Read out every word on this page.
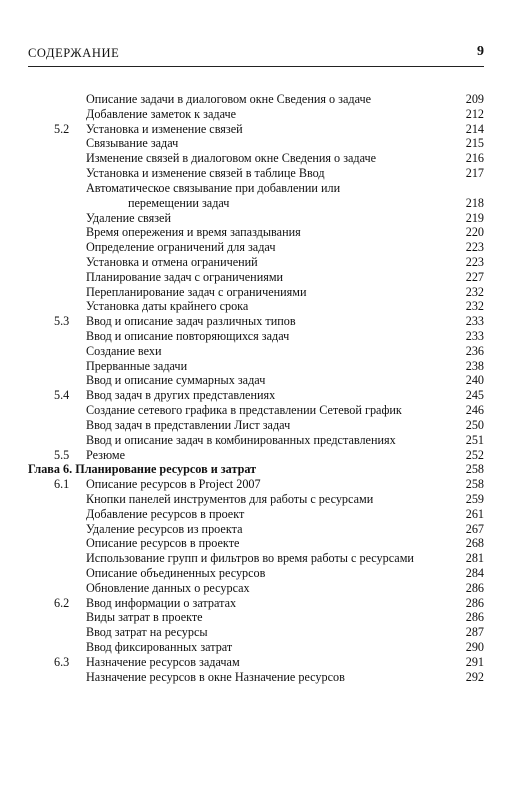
СОДЕРЖАНИЕ	9
Описание задачи в диалоговом окне Сведения о задаче	209
Добавление заметок к задаче	212
5.2	Установка и изменение связей	214
Связывание задач	215
Изменение связей в диалоговом окне Сведения о задаче	216
Установка и изменение связей в таблице Ввод	217
Автоматическое связывание при добавлении или
перемещении задач	218
Удаление связей	219
Время опережения и время запаздывания	220
Определение ограничений для задач	223
Установка и отмена ограничений	223
Планирование задач с ограничениями	227
Перепланирование задач с ограничениями	232
Установка даты крайнего срока	232
5.3	Ввод и описание задач различных типов	233
Ввод и описание повторяющихся задач	233
Создание вехи	236
Прерванные задачи	238
Ввод и описание суммарных задач	240
5.4	Ввод задач в других представлениях	245
Создание сетевого графика в представлении Сетевой график	246
Ввод задач в представлении Лист задач	250
Ввод и описание задач в комбинированных представлениях	251
5.5	Резюме	252
Глава 6. Планирование ресурсов и затрат	258
6.1	Описание ресурсов в Project 2007	258
Кнопки панелей инструментов для работы с ресурсами	259
Добавление ресурсов в проект	261
Удаление ресурсов из проекта	267
Описание ресурсов в проекте	268
Использование групп и фильтров во время работы с ресурсами	281
Описание объединенных ресурсов	284
Обновление данных о ресурсах	286
6.2	Ввод информации о затратах	286
Виды затрат в проекте	286
Ввод затрат на ресурсы	287
Ввод фиксированных затрат	290
6.3	Назначение ресурсов задачам	291
Назначение ресурсов в окне Назначение ресурсов	292
